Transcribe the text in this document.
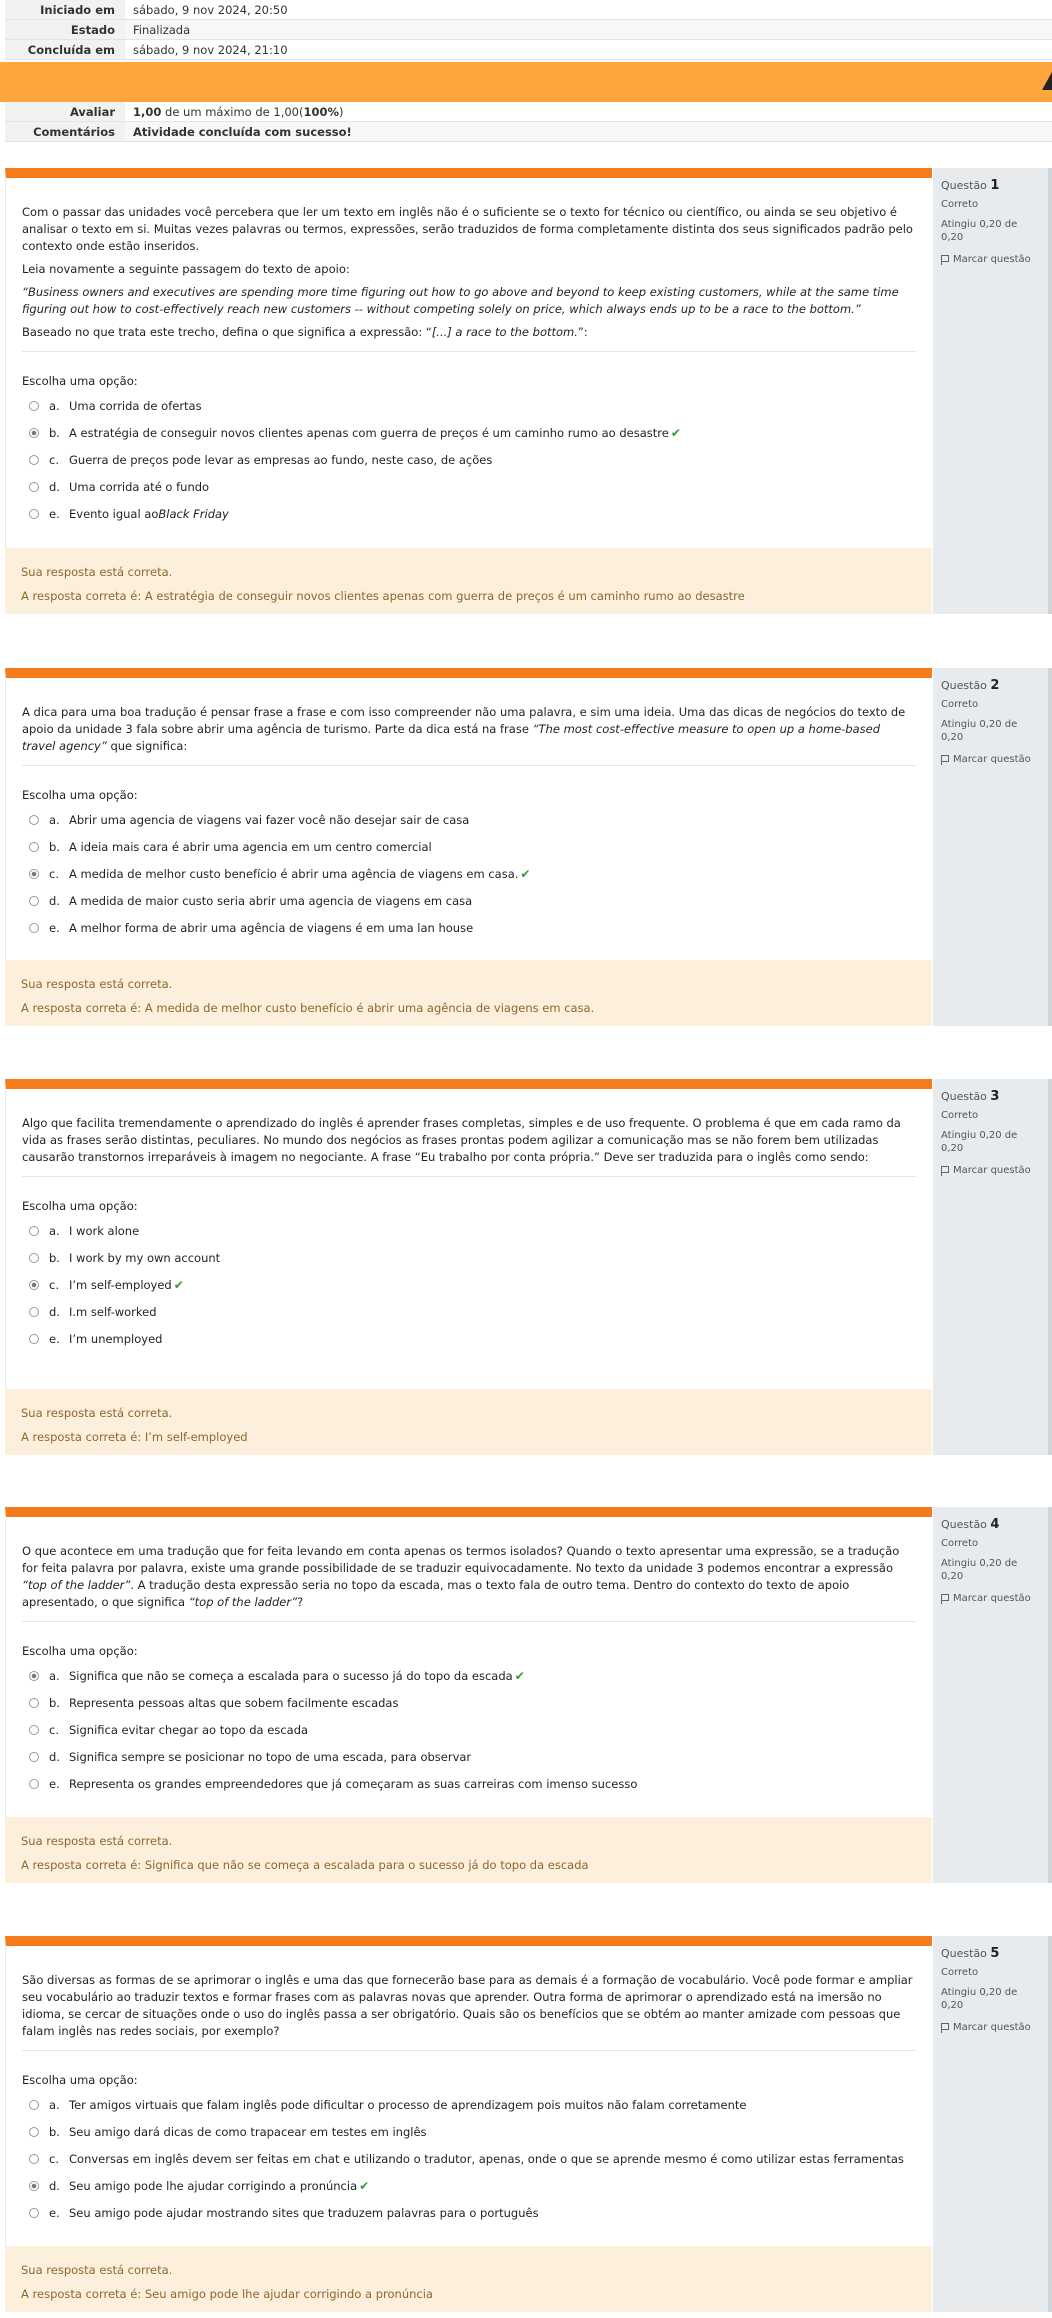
Iniciado em	sábado, 9 nov 2024, 20:50
Estado	Finalizada
Concluída em	sábado, 9 nov 2024, 21:10
Avaliar	1,00 de um máximo de 1,00(100%)
Comentários	Atividade concluída com sucesso!

Com o passar das unidades você percebera que ler um texto em inglês não é o suficiente se o texto for técnico ou científico, ou ainda se seu objetivo é analisar o texto em si. Muitas vezes palavras ou termos, expressões, serão traduzidos de forma completamente distinta dos seus significados padrão pelo contexto onde estão inseridos.

Leia novamente a seguinte passagem do texto de apoio:

“Business owners and executives are spending more time figuring out how to go above and beyond to keep existing customers, while at the same time figuring out how to cost-effectively reach new customers -- without competing solely on price, which always ends up to be a race to the bottom.”

Baseado no que trata este trecho, defina o que significa a expressão: “[...] a race to the bottom.”:

Escolha uma opção:
a. Uma corrida de ofertas
b. A estratégia de conseguir novos clientes apenas com guerra de preços é um caminho rumo ao desastre ✔
c. Guerra de preços pode levar as empresas ao fundo, neste caso, de ações
d. Uma corrida até o fundo
e. Evento igual ao Black Friday
Sua resposta está correta.
A resposta correta é: A estratégia de conseguir novos clientes apenas com guerra de preços é um caminho rumo ao desastre
Questão 1
Correto
Atingiu 0,20 de 0,20
Marcar questão

A dica para uma boa tradução é pensar frase a frase e com isso compreender não uma palavra, e sim uma ideia. Uma das dicas de negócios do texto de apoio da unidade 3 fala sobre abrir uma agência de turismo. Parte da dica está na frase “The most cost-effective measure to open up a home-based travel agency” que significa:

Escolha uma opção:
a. Abrir uma agencia de viagens vai fazer você não desejar sair de casa
b. A ideia mais cara é abrir uma agencia em um centro comercial
c. A medida de melhor custo benefício é abrir uma agência de viagens em casa. ✔
d. A medida de maior custo seria abrir uma agencia de viagens em casa
e. A melhor forma de abrir uma agência de viagens é em uma lan house
Sua resposta está correta.
A resposta correta é: A medida de melhor custo benefício é abrir uma agência de viagens em casa.
Questão 2
Correto
Atingiu 0,20 de 0,20
Marcar questão

Algo que facilita tremendamente o aprendizado do inglês é aprender frases completas, simples e de uso frequente. O problema é que em cada ramo da vida as frases serão distintas, peculiares. No mundo dos negócios as frases prontas podem agilizar a comunicação mas se não forem bem utilizadas causarão transtornos irreparáveis à imagem no negociante. A frase “Eu trabalho por conta própria.” Deve ser traduzida para o inglês como sendo:

Escolha uma opção:
a. I work alone
b. I work by my own account
c. I’m self-employed ✔
d. I.m self-worked
e. I’m unemployed
Sua resposta está correta.
A resposta correta é: I’m self-employed
Questão 3
Correto
Atingiu 0,20 de 0,20
Marcar questão

O que acontece em uma tradução que for feita levando em conta apenas os termos isolados? Quando o texto apresentar uma expressão, se a tradução for feita palavra por palavra, existe uma grande possibilidade de se traduzir equivocadamente. No texto da unidade 3 podemos encontrar a expressão “top of the ladder”. A tradução desta expressão seria no topo da escada, mas o texto fala de outro tema. Dentro do contexto do texto de apoio apresentado, o que significa “top of the ladder”?

Escolha uma opção:
a. Significa que não se começa a escalada para o sucesso já do topo da escada ✔
b. Representa pessoas altas que sobem facilmente escadas
c. Significa evitar chegar ao topo da escada
d. Significa sempre se posicionar no topo de uma escada, para observar
e. Representa os grandes empreendedores que já começaram as suas carreiras com imenso sucesso
Sua resposta está correta.
A resposta correta é: Significa que não se começa a escalada para o sucesso já do topo da escada
Questão 4
Correto
Atingiu 0,20 de 0,20
Marcar questão

São diversas as formas de se aprimorar o inglês e uma das que fornecerão base para as demais é a formação de vocabulário. Você pode formar e ampliar seu vocabulário ao traduzir textos e formar frases com as palavras novas que aprender. Outra forma de aprimorar o aprendizado está na imersão no idioma, se cercar de situações onde o uso do inglês passa a ser obrigatório. Quais são os benefícios que se obtém ao manter amizade com pessoas que falam inglês nas redes sociais, por exemplo?

Escolha uma opção:
a. Ter amigos virtuais que falam inglês pode dificultar o processo de aprendizagem pois muitos não falam corretamente
b. Seu amigo dará dicas de como trapacear em testes em inglês
c. Conversas em inglês devem ser feitas em chat e utilizando o tradutor, apenas, onde o que se aprende mesmo é como utilizar estas ferramentas
d. Seu amigo pode lhe ajudar corrigindo a pronúncia ✔
e. Seu amigo pode ajudar mostrando sites que traduzem palavras para o português
Sua resposta está correta.
A resposta correta é: Seu amigo pode lhe ajudar corrigindo a pronúncia
Questão 5
Correto
Atingiu 0,20 de 0,20
Marcar questão
